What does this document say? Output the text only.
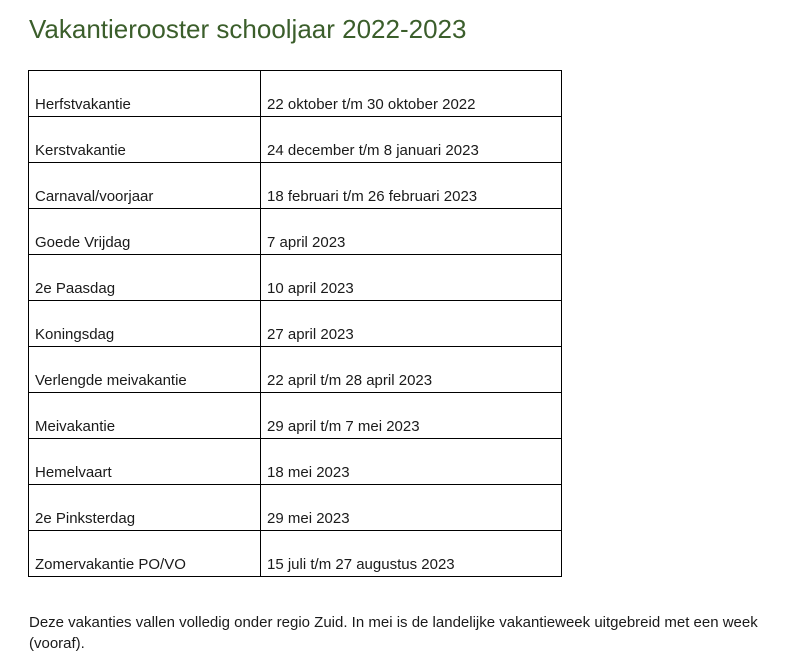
Vakantierooster schooljaar 2022-2023
Herfstvakantie	22 oktober t/m 30 oktober 2022
Kerstvakantie	24 december t/m 8 januari 2023
Carnaval/voorjaar	18 februari t/m 26 februari 2023
Goede Vrijdag	7 april 2023
2e Paasdag	10 april 2023
Koningsdag	27 april 2023
Verlengde meivakantie	22 april t/m 28 april 2023
Meivakantie	29 april t/m 7 mei 2023
Hemelvaart	18 mei 2023
2e Pinksterdag	29 mei 2023
Zomervakantie PO/VO	15 juli t/m 27 augustus 2023
Deze vakanties vallen volledig onder regio Zuid. In mei is de landelijke vakantieweek uitgebreid met een week (vooraf).
